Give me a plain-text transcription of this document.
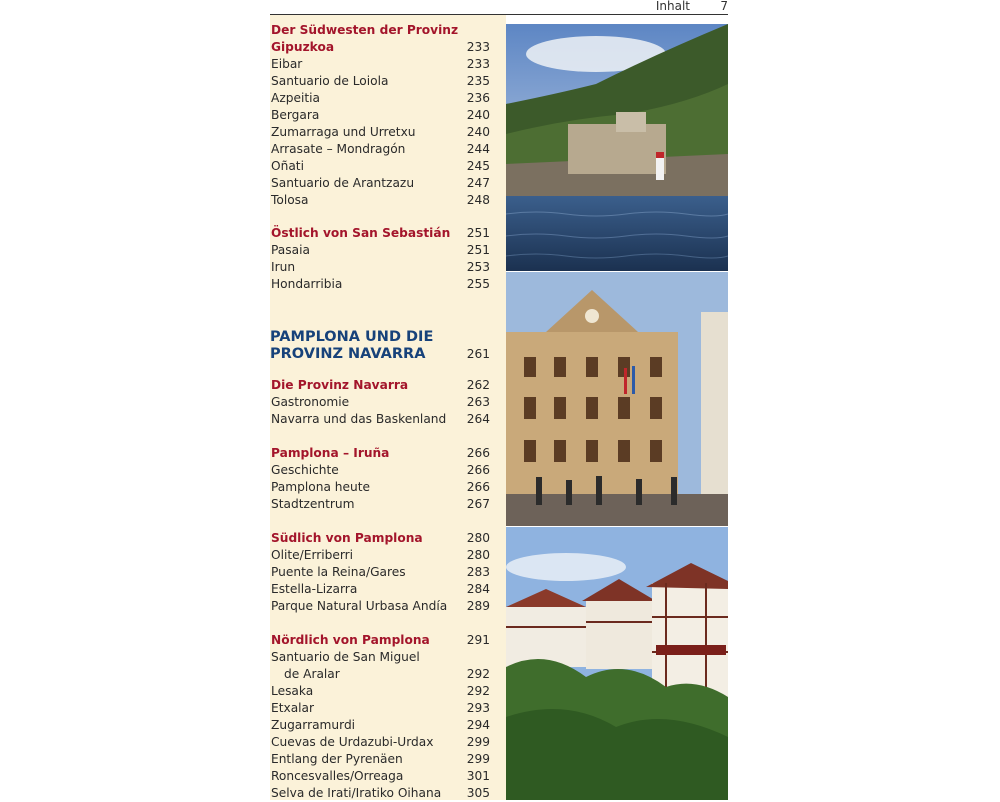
Inhalt	7
Der Südwesten der Provinz
Gipuzkoa	233
Eibar	233
Santuario de Loiola	235
Azpeitia	236
Bergara	240
Zumarraga und Urretxu	240
Arrasate – Mondragón	244
Oñati	245
Santuario de Arantzazu	247
Tolosa	248
Östlich von San Sebastián 251
Pasaia	251
Irun	253
Hondarribia	255
PAMPLONA UND DIE
PROVINZ NAVARRA	261
Die Provinz Navarra	262
Gastronomie	263
Navarra und das Baskenland 264
Pamplona – Iruña	266
Geschichte	266
Pamplona heute	266
Stadtzentrum	267
Südlich von Pamplona	280
Olite/Erriberri	280
Puente la Reina/Gares	283
Estella-Lizarra	284
Parque Natural Urbasa Andía 289
Nördlich von Pamplona	291
Santuario de San Miguel
de Aralar	292
Lesaka	292
Etxalar	293
Zugarramurdi	294
Cuevas de Urdazubi-Urdax	299
Entlang der Pyrenäen	299
Roncesvalles/Orreaga	301
Selva de Irati/Iratiko Oihana 305
